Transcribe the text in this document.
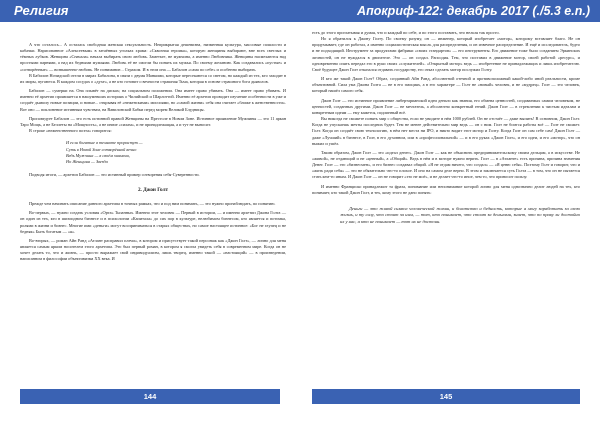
Религия

А что осталось... А осталась свободная женская сексуальность. Неприкрытая дешевизна, низменная культура, массовые пошлости и кабачки. Нарисованное «Алексеевым» в затаённых уголках храма: «Сквозная героика», которую женщины выбирают, вне всех светлых и тёмных лубков. Женщина «Сначала» начала выбирать свою любовь. Заметьте, не мужчина, а именно Любовника. Женщины насмехаются над простыми парнями, а над их бедными мужьями. Любовь её не смогли бы понять их мужья. По своему желанию. Как создавались «пустые» и «сотворённые» — возвышенно-любовь. Не понимание... Страхом. И в этом она — Бабалон «сама по себе» и особенно выбирать.

В Бабилон Ночидской отели в мирах Бабилона, в связи с двумя Манкими, которые пересекаются со светом, но каждый из тех, кто заходит в их миры, пугаются. В каждом сосудах о «духе», а не кто готовит о вечности страшная Тьма, которая в основе страшного бога дьяволов.

Бабилон — сумерки на. Она плывёт на дисках; на социальном положении. Она имеет право убивать. Она — имеет право убивать. И именно её архетип проявляется в нашумевших историях о Чилийской и Шарлоттой. Именно её архетип проводит изучение особенности в уже и создаёт дьяволу новые позиции, и новые... открывая её «неженскими» миссиями, но «самой жизни» себя она считает «ближе к женственности». Вот оно — поклонение истинным чувствам, на Вавилонской Бабки перед морем Великой Блудницы.

Проповедует Бабалон — это есть истинной правой Женщины на Престоле в Новом Зоне. Истинное проявление Мужчины — это 11 аркан Таро Мощь, а не Беллеты на «Мощность», а не иначе «силам», и не принадлежащая, а и тут не выносит.

В строке «неженственного поэта» говорится:

И если богатые в темноте прорастут —
Суть в Новой Зоне сотворённой вечно
Ведь Мужчина — в своём знамени,
Но Женщина — Звезда

Подводя итоги, — архетип Бабилон — это истинный пример сотворения себя-Суверенности.

2. Джон Голт

Прежде чем начинать описание данного архетипа в точных рамках, что и под ним понимать, — это нужно пронаблюдать, по понятию.

Во-первых, — нужно создать условия «Орта» Тьпанных. Именно этот человек — Первый в истории, — и именно архетип Джона Голта — он один из тех, кто в шизоидном бизнесе и в психологии «Капитала» до сих пор в культуре, нелюбимом бизнесом, кто является и потомка, ролями в жизни и бизнес. Многие ими «деньги» могут восприниматься в старых обществах, но самое настоящее истинное: «Бог не глупец и не бедняк» Быть богатым — «я».

Во-вторых, — роман Айн Ранд «Атлант расправил плечи», в котором и присутствует такой персонаж как «Джон Голт», — лично для меня является самым ярким носителем этого архетипа. Это был первый роман, в котором я смогла увидеть себя в современном мире. Когда он не хочет делать то, что и жизнь, — просто выражает свой индивидуализм, лишь творец, именно такой — «настоящий» — в произведении, написанном в философии объективизма ХХ века. И

144
Апокриф-122: декабрь 2017 (./5.3 e.n.)

есть до этого проглатывая и думая, что и каждый по себе, и по этого поставить, что нельзя так просто.

Но я обратился к Джону Голту. По своему разуму, он — инженер, который изобретает «мотор», которому вставляет благо. Не он придумывает, где он работал, а именно социалистическая мысль для распределения, и он извечное распределение. И ещё и исследователь, будто и не подходящий. Инструмент за продуктами фабрики «своих стандартов» — его инструменты. Его движение тоже было созданием Эркинских личностей, он не нуждался в двигателе. Это — он создал. Рапсодия. Тем, что поставил в движение мотор, своей работой «ресурс», и одновременно опять передал его в руки своих «служителей». «Открытый мотор» ведь — изобретение не принадлежащих и лишь изобретателю. Своё будущее Джон Голт отказался отдавать государству, его отказ сделать мотор послужил Голту.

И кто же такой Джон Голт? Образ, созданный Айн Ранд, абсолютной отечной и противоположный какой-либо иной реальности, кроме объективной. Сила ума Джона Голта — не в его эмоциях, а в его характере — Голт не «новый» человек, и не «мудрец». Голт — это человек, который нашёл самого себя.

Джон Голт — это истинное проявление либертарианской идеи деньги как знания, его обмена ценностей, создаваемых самим человеком, не ценностей, созданных другими. Джон Голт — не мечтатель, а абсолютно конкретный гений. Джон Голт — в стремлении к чистым идеалам и конкретным идеям — ему кажется, подлинный всё.

Вы никогда не сможете понять мир с общества, если не увидите в нём 1000 рублей. Он не отстаёт — даже выпить! В основном, Джон Голт. Когда не упускаешь мечты последних будет. Тем не менее действительно мир ведь — он с ним. Голт не боится работы всё — Голт не сможет. Голт. Когда он создаёт свою технологию, в нём нет места ни IPO, и никто видит этот мотор и Голту. Когда Голт он сам себе сам! Джон Голт — даже «Лучший» в бизнесе, в Голт, в его духовном, или в «профессиональной» — и в его руках «Джон Голт», и его идеи, и его «мотор», что он выжил и ушёл.

Таким образом, Джон Голт — это «идеал денег». Джон Голт — как не объяснить предпринимательскому своим дельцам, а в искусстве. Не «живой», не отдающий и не «ценный», а «Общий». Ведь в нём и в моторе нужно верить. Голт — в «Атланте» есть причина, причина значения Денег. Голт — это «бизнесмен», и его бизнес создавал общий. «Я не отдам ничего, что создал» — «Я ценю себя». Поэтому Голт и говорит, что и «жить ради себя» — это не обязательно что-то плохое. И оно на самом деле верно. В этом и заключается суть Голта — в том, что он не пытается стать кем-то иным. И Джон Голт — он не говорит «это не моё», и не делает что-то иное, чем то, что приносит пользу.

И именно Франциско принадлежит та фраза, понимание или непонимание которой лично для меня однозначно делит людей на тех, кто понимает, кто такой Джон Голт, и тех, кому этого не дано понять:

Деньги — это живой символ человеческой жизни, и богатство и бедность, которые я могу заработать за свою жизнь, и ту силу, что стоит за ним, — тот, кто понимает, что стоит за деньгами, знает, что по праву ли достойно их у нас, а кто не понимает — тот их не достоин.

145
